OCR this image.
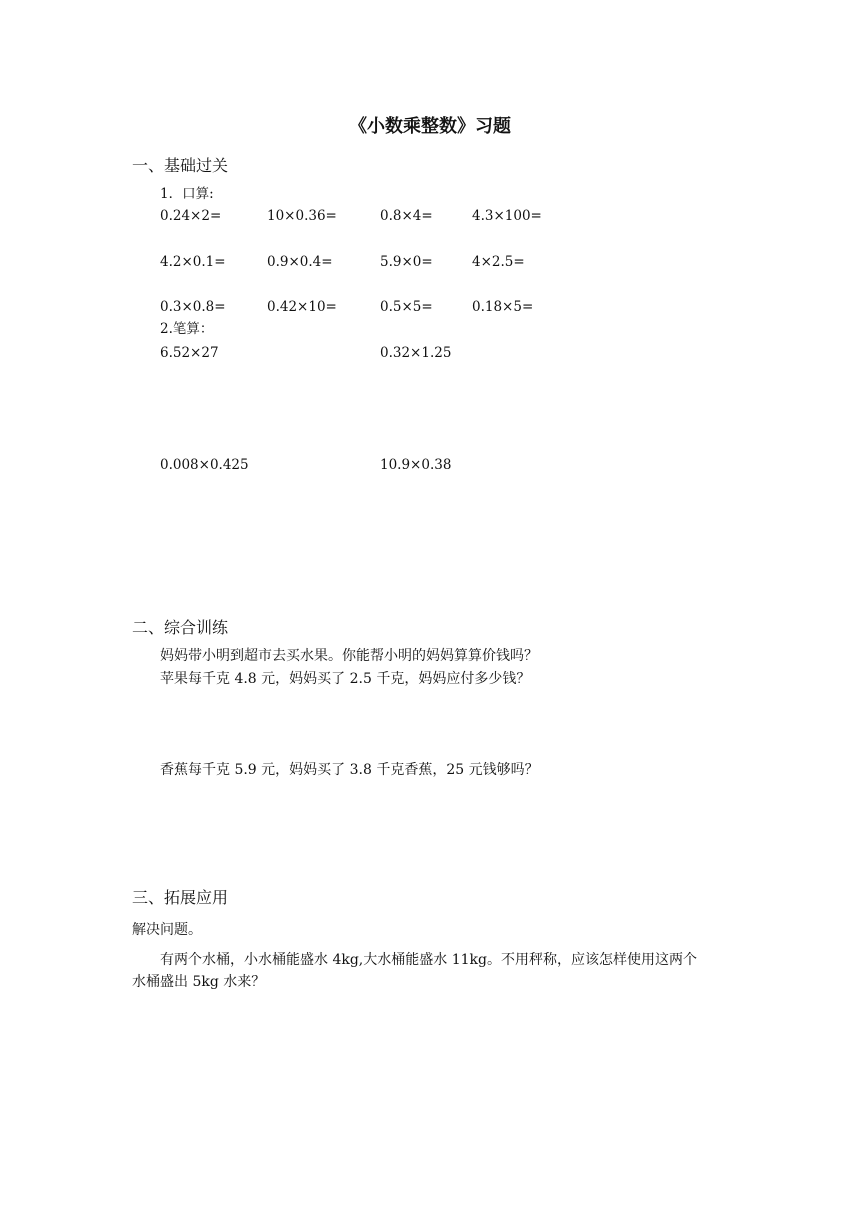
《小数乘整数》习题
一、基础过关
1．口算:
0.24×2=	10×0.36=	0.8×4=	4.3×100=
4.2×0.1=	0.9×0.4=	5.9×0=	4×2.5=
0.3×0.8=	0.42×10=	0.5×5=	0.18×5=
2.笔算：
6.52×27	0.32×1.25
0.008×0.425	10.9×0.38
二、综合训练
妈妈带小明到超市去买水果。你能帮小明的妈妈算算价钱吗？
苹果每千克 4.8 元，妈妈买了 2.5 千克，妈妈应付多少钱？
香蕉每千克 5.9 元，妈妈买了 3.8 千克香蕉，25 元钱够吗？
三、拓展应用
解决问题。
有两个水桶，小水桶能盛水 4kg,大水桶能盛水 11kg。不用秤称，应该怎样使用这两个
水桶盛出 5kg 水来？
